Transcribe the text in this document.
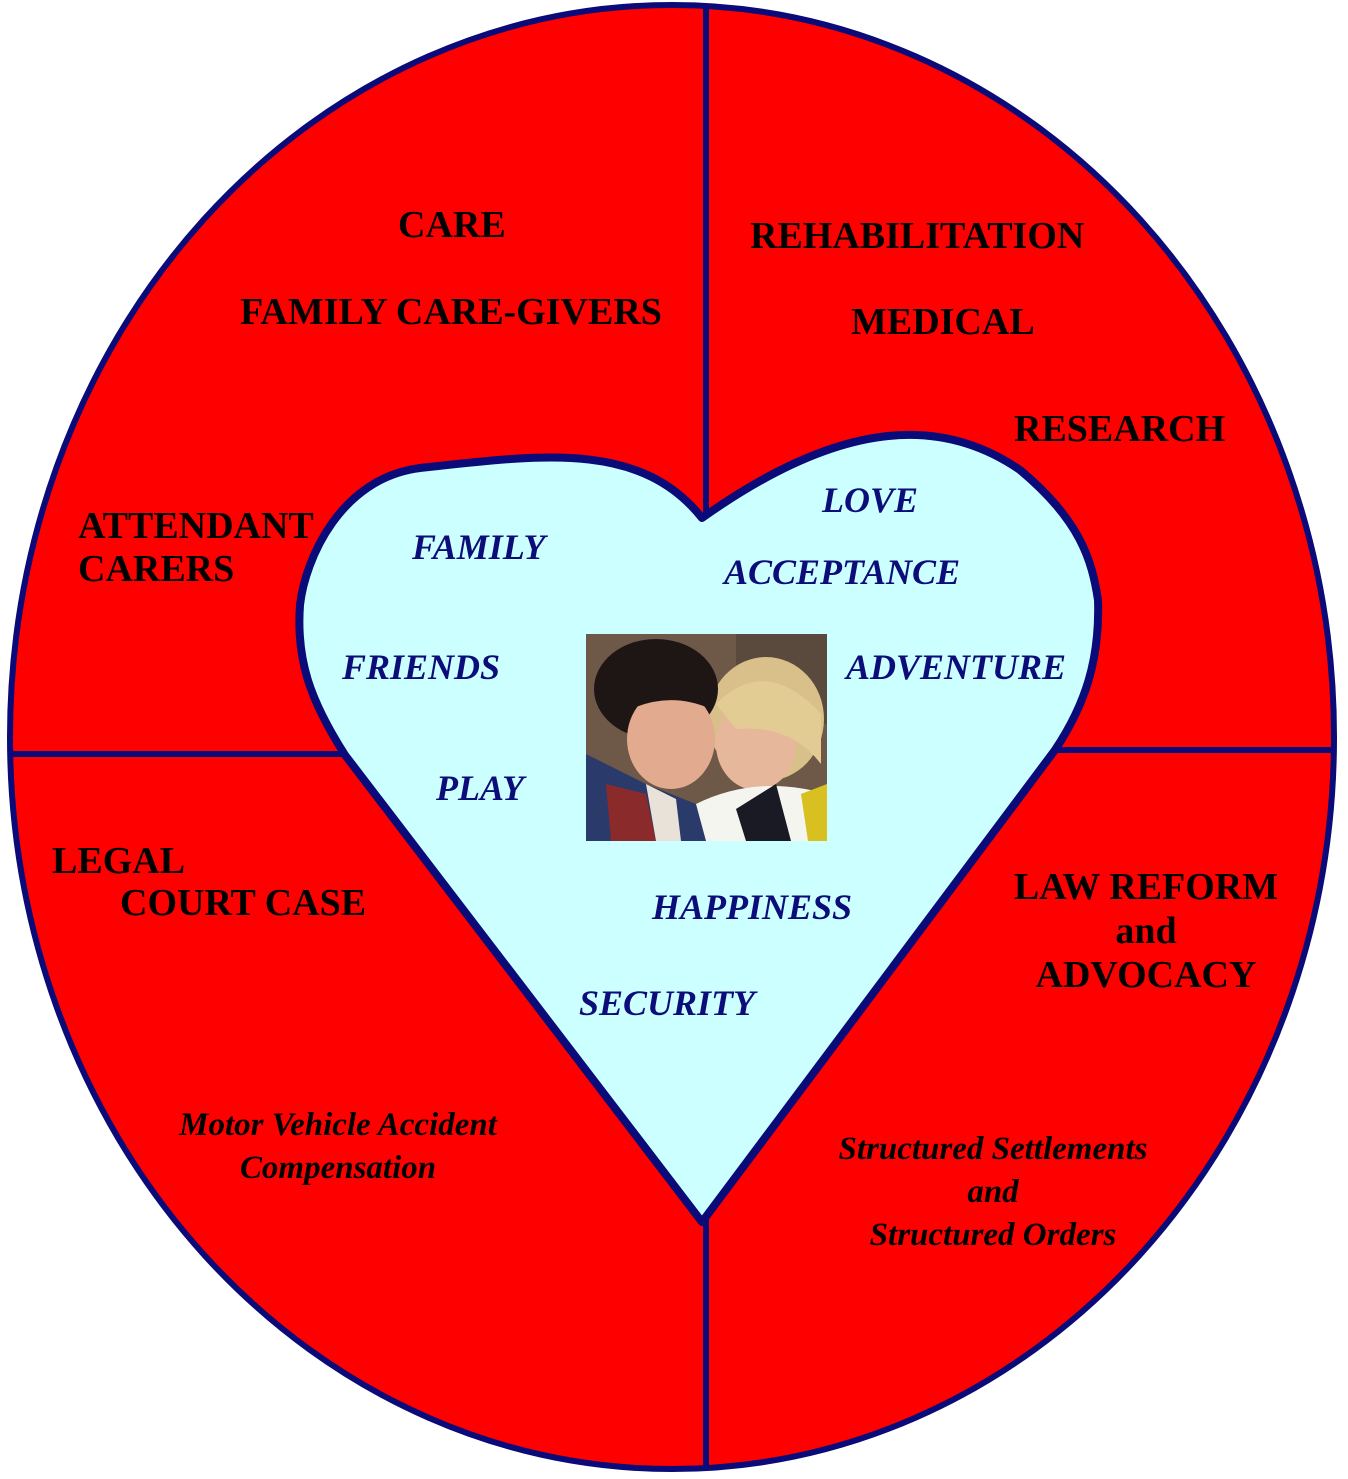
CARE
FAMILY CARE-GIVERS
ATTENDANT
CARERS
REHABILITATION
MEDICAL
RESEARCH
LEGAL
COURT CASE
Motor Vehicle Accident
Compensation
LAW REFORM
and
ADVOCACY
Structured Settlements
and
Structured Orders
FAMILY
LOVE
ACCEPTANCE
FRIENDS	ADVENTURE
PLAY
HAPPINESS
SECURITY
